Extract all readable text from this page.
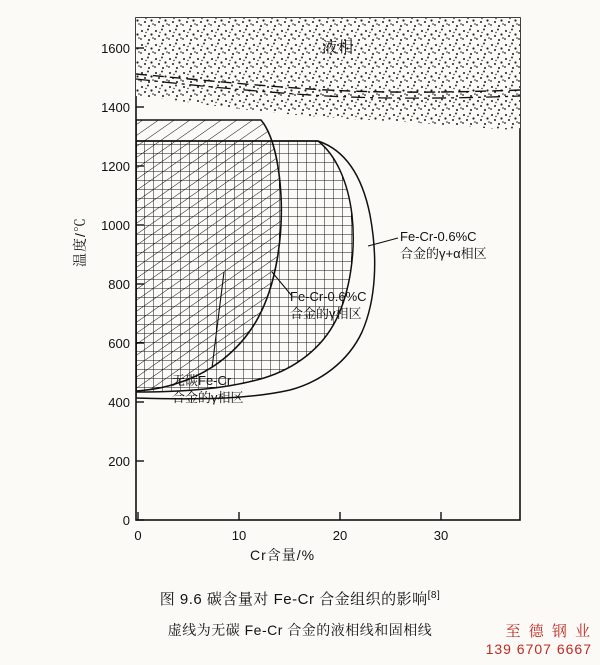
0
200
400
600
800
1000
1200
1400
1600
0	10	20	30
液相
无碳Fe-Cr
合金的γ相区
Fe-Cr-0.6%C
合金的γ相区
Fe-Cr-0.6%C
合金的γ+α相区
温度/℃
Cr含量/%
图 9.6 碳含量对 Fe-Cr 合金组织的影响[8]
虚线为无碳 Fe-Cr 合金的液相线和固相线	至 德 钢 业
139 6707 6667
